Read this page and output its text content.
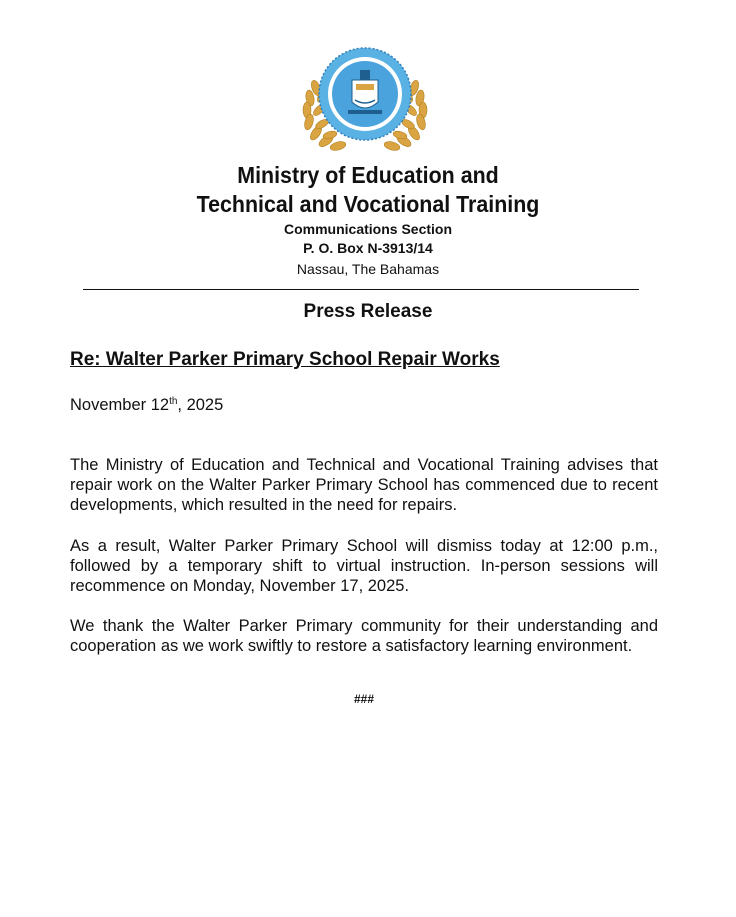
Ministry of Education and
Technical and Vocational Training
Communications Section
P. O. Box N-3913/14
Nassau, The Bahamas
Press Release
Re: Walter Parker Primary School Repair Works
November 12th, 2025
The Ministry of Education and Technical and Vocational Training advises that repair work on the Walter Parker Primary School has commenced due to recent developments, which resulted in the need for repairs.
As a result, Walter Parker Primary School will dismiss today at 12:00 p.m., followed by a temporary shift to virtual instruction. In-person sessions will recommence on Monday, November 17, 2025.
We thank the Walter Parker Primary community for their understanding and cooperation as we work swiftly to restore a satisfactory learning environment.
###
